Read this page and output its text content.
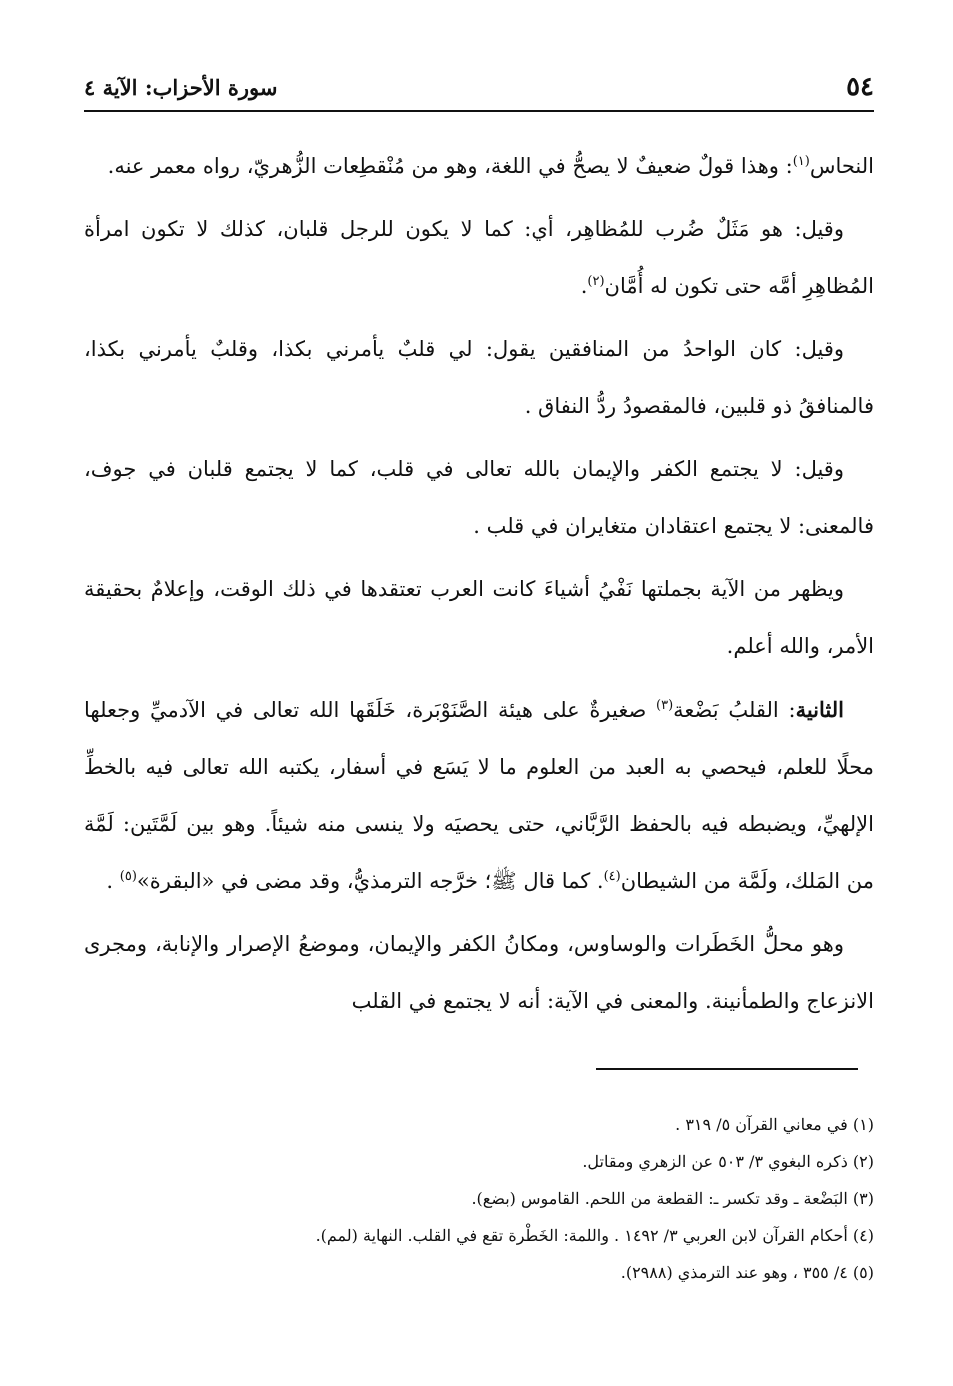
٥٤
سورة الأحزاب: الآية ٤

النحاس$^{(١)}$: وهذا قولٌ ضعيفٌ لا يصحُّ في اللغة، وهو من مُنْقطِعات الزُّهريّ، رواه معمر عنه.

وقيل: هو مَثَلٌ ضُرب للمُظاهِر، أي: كما لا يكون للرجل قلبان، كذلك لا تكون امرأة المُظاهِرِ أمَّه حتى تكون له أُمَّان$^{(٢)}$.

وقيل: كان الواحدُ من المنافقين يقول: لي قلبٌ يأمرني بكذا، وقلبٌ يأمرني بكذا، فالمنافقُ ذو قلبين، فالمقصودُ ردُّ النفاق .

وقيل: لا يجتمع الكفر والإيمان بالله تعالى في قلب، كما لا يجتمع قلبان في جوف، فالمعنى: لا يجتمع اعتقادان متغايران في قلب .

ويظهر من الآية بجملتها نَفْيُ أشياءَ كانت العرب تعتقدها في ذلك الوقت، وإعلامٌ بحقيقة الأمر، والله أعلم.

الثانية: القلبُ بَضْعة$^{(٣)}$ صغيرةٌ على هيئة الصَّنَوْبَرة، خَلَقَها الله تعالى في الآدميِّ وجعلها محلًا للعلم، فيحصي به العبد من العلوم ما لا يَسَع في أسفار، يكتبه الله تعالى فيه بالخطِّ الإلهيِّ، ويضبطه فيه بالحفظ الرَّبَّاني، حتى يحصيَه ولا ينسى منه شيئاً. وهو بين لَمَّتَين: لَمَّة من المَلك، ولَمَّة من الشيطان$^{(٤)}$. كما قال ﷺ؛ خرَّجه الترمذيُّ، وقد مضى في «البقرة»$^{(٥)}$ .

وهو محلُّ الخَطَرات والوساوس، ومكانُ الكفر والإيمان، وموضعُ الإصرار والإنابة، ومجرى الانزعاج والطمأنينة. والمعنى في الآية: أنه لا يجتمع في القلب

(١) في معاني القرآن ٥/ ٣١٩ .

(٢) ذكره البغوي ٣/ ٥٠٣ عن الزهري ومقاتل.

(٣) البَضْعة ـ وقد تكسر ـ: القطعة من اللحم. القاموس (بضع).

(٤) أحكام القرآن لابن العربي ٣/ ١٤٩٢ . واللمة: الخَطْرة تقع في القلب. النهاية (لمم).

(٥) ٤/ ٣٥٥ ، وهو عند الترمذي (٢٩٨٨).
